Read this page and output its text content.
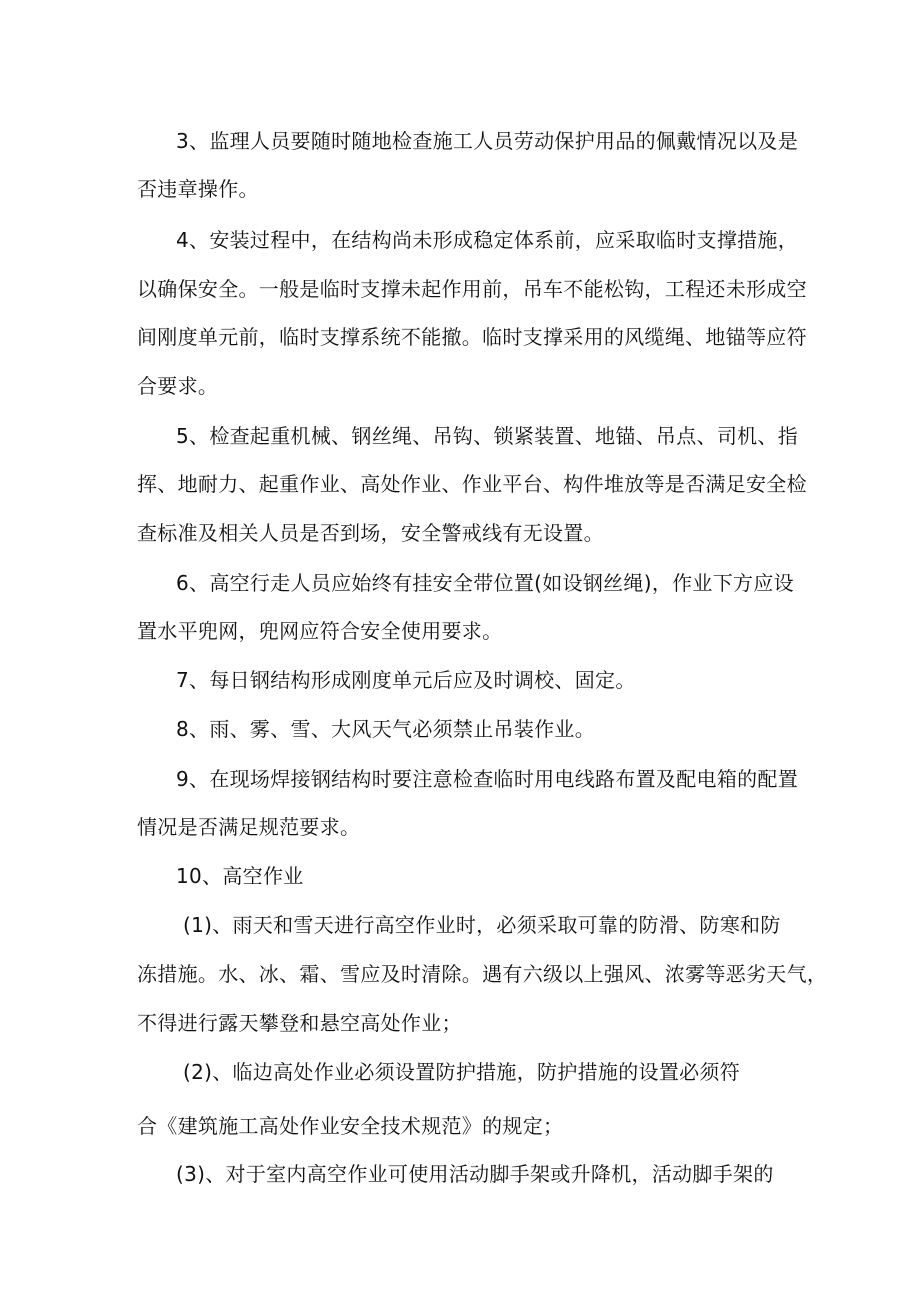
3、监理人员要随时随地检查施工人员劳动保护用品的佩戴情况以及是
否违章操作。
4、安装过程中，在结构尚未形成稳定体系前，应采取临时支撑措施，
以确保安全。一般是临时支撑未起作用前，吊车不能松钩，工程还未形成空
间刚度单元前，临时支撑系统不能撤。临时支撑采用的风缆绳、地锚等应符
合要求。
5、检查起重机械、钢丝绳、吊钩、锁紧装置、地锚、吊点、司机、指
挥、地耐力、起重作业、高处作业、作业平台、构件堆放等是否满足安全检
查标准及相关人员是否到场，安全警戒线有无设置。
6、高空行走人员应始终有挂安全带位置(如设钢丝绳)，作业下方应设
置水平兜网，兜网应符合安全使用要求。
7、每日钢结构形成刚度单元后应及时调校、固定。
8、雨、雾、雪、大风天气必须禁止吊装作业。
9、在现场焊接钢结构时要注意检查临时用电线路布置及配电箱的配置
情况是否满足规范要求。
10、高空作业
(1)、雨天和雪天进行高空作业时，必须采取可靠的防滑、防寒和防
冻措施。水、冰、霜、雪应及时清除。遇有六级以上强风、浓雾等恶劣天气，
不得进行露天攀登和悬空高处作业；
(2)、临边高处作业必须设置防护措施，防护措施的设置必须符
合《建筑施工高处作业安全技术规范》的规定；
(3)、对于室内高空作业可使用活动脚手架或升降机，活动脚手架的
